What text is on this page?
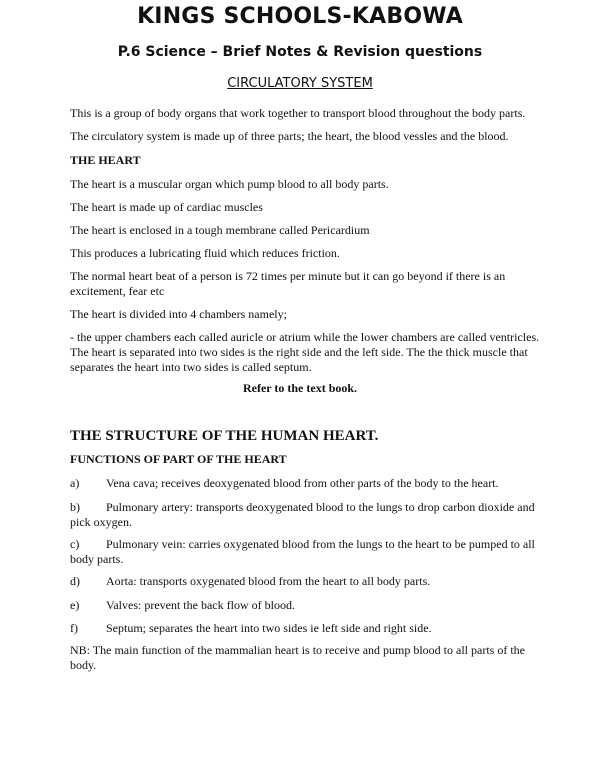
KINGS SCHOOLS-KABOWA

P.6 Science – Brief Notes & Revision questions

CIRCULATORY SYSTEM

This is a group of body organs that work together to transport blood throughout the body parts.

The circulatory system is made up of three parts; the heart, the blood vessles and the blood.

THE HEART

The heart is a muscular organ which pump blood to all body parts.

The heart is made up of cardiac muscles

The heart is enclosed in a tough membrane called Pericardium

This produces a lubricating fluid which reduces friction.

The normal heart beat of a person is 72 times per minute but it can go beyond if there is an excitement, fear etc

The heart is divided into 4 chambers namely;

- the upper chambers each called auricle or atrium while the lower chambers are called ventricles. The heart is separated into two sides is the right side and the left side. The the thick muscle that separates the heart into two sides is called septum.

Refer to the text book.

THE STRUCTURE OF THE HUMAN HEART.

FUNCTIONS OF PART OF THE HEART

a) Vena cava; receives deoxygenated blood from other parts of the body to the heart.

b) Pulmonary artery: transports deoxygenated blood to the lungs to drop carbon dioxide and pick oxygen.

c) Pulmonary vein: carries oxygenated blood from the lungs to the heart to be pumped to all body parts.

d) Aorta: transports oxygenated blood from the heart to all body parts.

e) Valves: prevent the back flow of blood.

f) Septum; separates the heart into two sides ie left side and right side.

NB: The main function of the mammalian heart is to receive and pump blood to all parts of the body.
